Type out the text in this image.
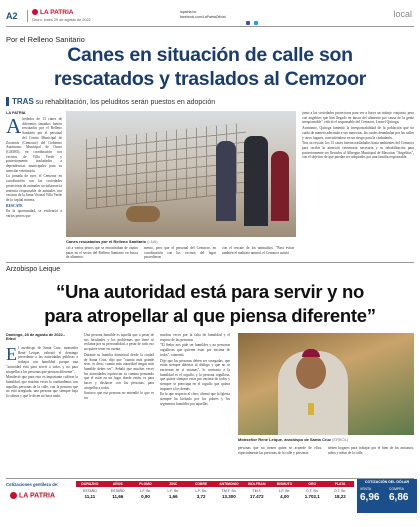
A2	LA PATRIA
Oruro, lunes 29 de agosto de 2022
lapatria.bo
facebook.com/LaPatriaOficial
	local
Por el Relleno Sanitario
Canes en situación de calle son
rescatados y traslados al Cemzoor
TRAS su rehabilitación, los peluditos serán puestos en adopción
LA PATRIA

Alrededor de 13 canes de diferentes tamaños fueron rescatados por el Relleno Sanitario por el personal del Centro Municipal de Zoonosis (Cemzoor) del Gobierno Autónomo Municipal de Oruro (GAMO), en coordinación con vecinos de Villa Verde y posteriormente trasladados a dependencias municipales para su atención veterinaria.

La jornada de ayer, el Cemzoor en coordinación con las sociedades protectoras de animales socializaron la tenencia responsable de animales con vecinos de la Junta Vecinal Villa Verde de la capital minera.

RESCATE

En la oportunidad, se evidenció a varios perros que

Canes rescatados por el Relleno Sanitario (LNA)
ció a varios perros que se encontraban de cuatro patas en el sector del Relleno Sanitario en busca de alimento.
mento, pero que el personal del Cemzoor, en coordinación con los vecinos del lugar procedieron
con el rescate de los animalitos. "Para evitar también el maltrato animal, el Cemzoor asistió

junto a las sociedades protectoras para ver a hacer un trabajo conjunto, pero con angelitos que han llegado en busca del alimento por causa de la gente irresponsable", refirió el responsable del Cemzoor, Leonel Quiroga.

Asimismo, Quiroga lamentó la irresponsabilidad de la población que no cuida de manera adecuada a sus mascotas, las cuales deambulan por las calles y otros lugares, convirtiéndose en un riesgo para la ciudadanía.

Tras su rescate, los 13 canes fueron trasladados hasta ambientes del Cemzoor para recibir la atención veterinaria necesaria y su rehabilitación para posteriormente ser llevados al Albergue Municipal de Mascotas "Angelitos", con el objetivo de que puedan ser adoptados por una familia responsable.

Arzobispo Leique
“Una autoridad está para servir y no
para atropellar al que piensa diferente”
Domingo, 28 de agosto de 2022.-
Erbol

El arzobispo de Santa Cruz, monseñor René Leique, exhortó el domingo precedente a las autoridades públicas a trabajar con humildad porque una "autoridad está para servir a todos y no para atropellar a las personas que piensan diferente".

Manifestó que para esto es importante cultivar la humildad, que muchas veces la confundimos con aquellas personas de la calle, con la persona que no está arreglada, una persona que siempre baja la cabeza y que le dicen no hace nada.

Una persona humilde es aquella que a pesar de sus facultades y los problemas que tiene se reclama por su personalidad, a pesar de todo eso no quiere tener en cuenta.

Durante su homilía dominical desde la ciudad de Santa Cruz, dijo que "cuanto más grande seas, es decir, cuanto más autoridad tengas más humilde debes ser". Señaló que muchas veces las autoridades equivocan su camino pensando que el estar en un lugar donde están, es para hacer y deshacer con las personas, para atropellar a todos.

Sostuvo que esa persona no entendió lo que es ser

muchas veces por la falta de humildad y el respeto de las personas.

"El Señor nos pide ser humildes y no personas orgullosas que quieren estar por encima de todos", comentó.

Dijo que las personas deben ser sosegadas, que están siempre abiertas al diálogo y que no se encierran en sí mismas", lo contrario a la humildad es el orgullo, y la persona orgullosa, que quiere siempre estar por encima de todos y siempre se preocupa en el orgullo que quiera imponer a los demás.

En lo que respecta al clero, afirmó que la Iglesia siempre ha luchado por los pobres y los segmentos humildes por aquellas

Monseñor René Leique, arzobispo de Santa Cruz (ERBOL)
personas que no tienen quién se acuerde de ellos, especialmente las personas de la calle y personas
tienen hogares para trabajar por el bien de los ancianos, niños y niñas de la calle.
Cotizaciones gentileza de:
LA PATRIA
DURAZNO
ESTAÑO
11,11
AÑOS
ESTAÑO
11,66
PLOMO
L.F. Sn.
0,90
ZINC
L.F. Sn.
1,66
COBRE
L.F. Sn.
3,72
ANTIMONIO
T.M.F. Sn.
13.300
WOLFRAM
T.M.F.
17.472
BISMUTO
L.F. Sn.
4,00
ORO
O.T. Sn.
1.702,1
PLATA
O.T. Sn.
18,22
COTIZACIÓN DEL DÓLAR
VENTA
6,96
COMPRA
6,86
